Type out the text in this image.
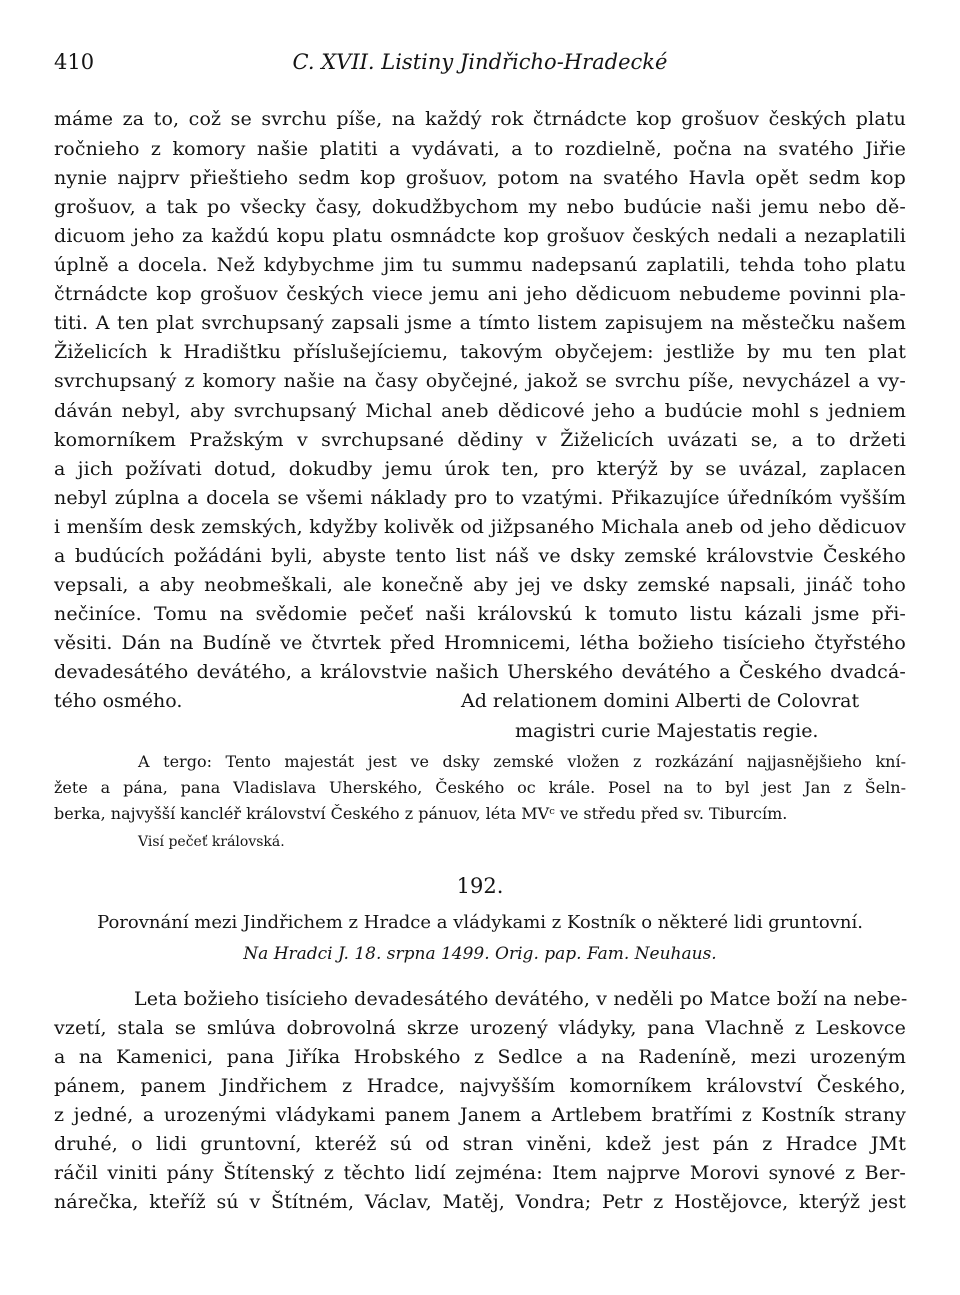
410	C. XVII. Listiny Jindřicho-Hradecké
máme za to, což se svrchu píše, na každý rok čtrnádcte kop grošuov českých platu
ročnieho z komory našie platiti a vydávati, a to rozdielně, počna na svatého Jiřie
nynie najprv přieštieho sedm kop grošuov, potom na svatého Havla opět sedm kop
grošuov, a tak po všecky časy, dokudžbychom my nebo budúcie naši jemu nebo dě-
dicuom jeho za každú kopu platu osmnádcte kop grošuov českých nedali a nezaplatili
úplně a docela. Než kdybychme jim tu summu nadepsanú zaplatili, tehda toho platu
čtrnádcte kop grošuov českých viece jemu ani jeho dědicuom nebudeme povinni pla-
titi. A ten plat svrchupsaný zapsali jsme a tímto listem zapisujem na městečku našem
Žiželicích k Hradištku příslušejíciemu, takovým obyčejem: jestliže by mu ten plat
svrchupsaný z komory našie na časy obyčejné, jakož se svrchu píše, nevycházel a vy-
dáván nebyl, aby svrchupsaný Michal aneb dědicové jeho a budúcie mohl s jedniem
komorníkem Pražským v svrchupsané dědiny v Žiželicích uvázati se, a to držeti
a jich požívati dotud, dokudby jemu úrok ten, pro kterýž by se uvázal, zaplacen
nebyl zúplna a docela se všemi náklady pro to vzatými. Přikazujíce úředníkóm vyšším
i menším desk zemských, kdyžby kolivěk od jižpsaného Michala aneb od jeho dědicuov
a budúcích požádáni byli, abyste tento list náš ve dsky zemské královstvie Českého
vepsali, a aby neobmeškali, ale konečně aby jej ve dsky zemské napsali, jináč toho
nečiníce. Tomu na svědomie pečeť naši královskú k tomuto listu kázali jsme při-
věsiti. Dán na Budíně ve čtvrtek před Hromnicemi, létha božieho tisícieho čtyřstého
devadesátého devátého, a královstvie našich Uherského devátého a Českého dvadcá-
tého osmého.	Ad relationem domini Alberti de Colovrat
magistri curie Majestatis regie.
A tergo: Tento majestát jest ve dsky zemské vložen z rozkázání najjasnějšieho kní-
žete a pána, pana Vladislava Uherského, Českého oc krále. Posel na to byl jest Jan z Šeln-
berka, najvyšší kancléř království Českého z pánuov, léta MVᶜ ve středu před sv. Tiburcím.
Visí pečeť královská.
192.
Porovnání mezi Jindřichem z Hradce a vládykami z Kostník o některé lidi gruntovní.
Na Hradci J. 18. srpna 1499. Orig. pap. Fam. Neuhaus.
Leta božieho tisícieho devadesátého devátého, v neděli po Matce boží na nebe-
vzetí, stala se smlúva dobrovolná skrze urozený vládyky, pana Vlachně z Leskovce
a na Kamenici, pana Jiříka Hrobského z Sedlce a na Radeníně, mezi urozeným
pánem, panem Jindřichem z Hradce, najvyšším komorníkem království Českého,
z jedné, a urozenými vládykami panem Janem a Artlebem bratřími z Kostník strany
druhé, o lidi gruntovní, kteréž sú od stran viněni, kdež jest pán z Hradce JMt
ráčil viniti pány Štítenský z těchto lidí zejména: Item najprve Morovi synové z Ber-
nárečka, kteříž sú v Štítném, Václav, Matěj, Vondra; Petr z Hostějovce, kterýž jest
